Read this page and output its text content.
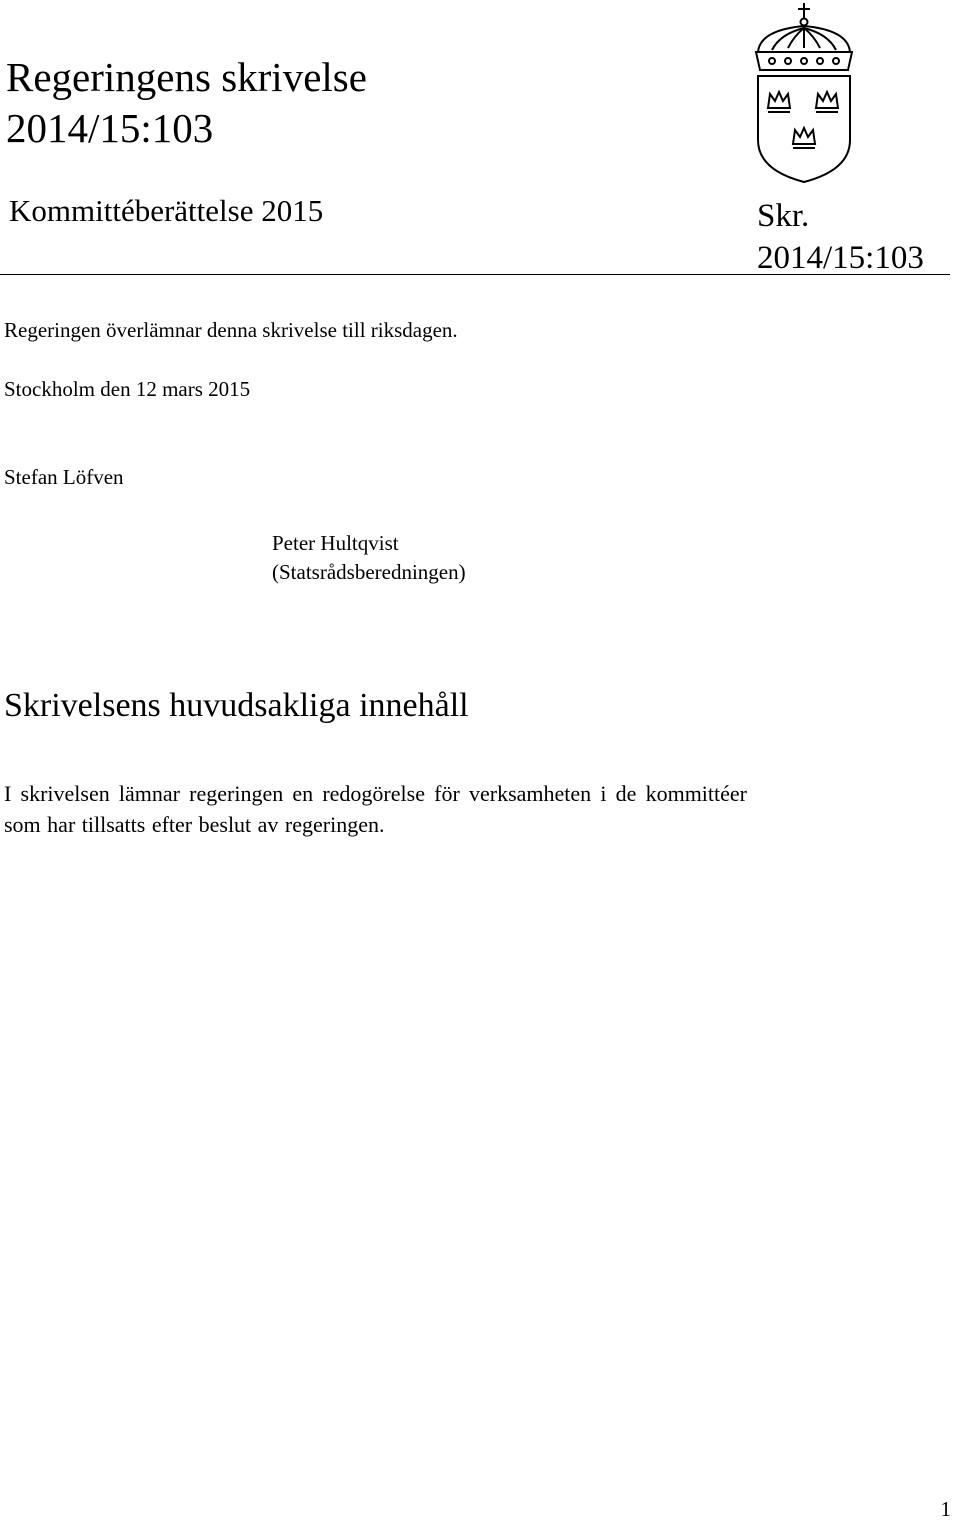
Regeringens skrivelse
2014/15:103
Kommittéberättelse 2015	Skr.
2014/15:103
Regeringen överlämnar denna skrivelse till riksdagen.
Stockholm den 12 mars 2015
Stefan Löfven
Peter Hultqvist
(Statsrådsberedningen)
Skrivelsens huvudsakliga innehåll
I skrivelsen lämnar regeringen en redogörelse för verksamheten i de kommittéer som har tillsatts efter beslut av regeringen.
1
